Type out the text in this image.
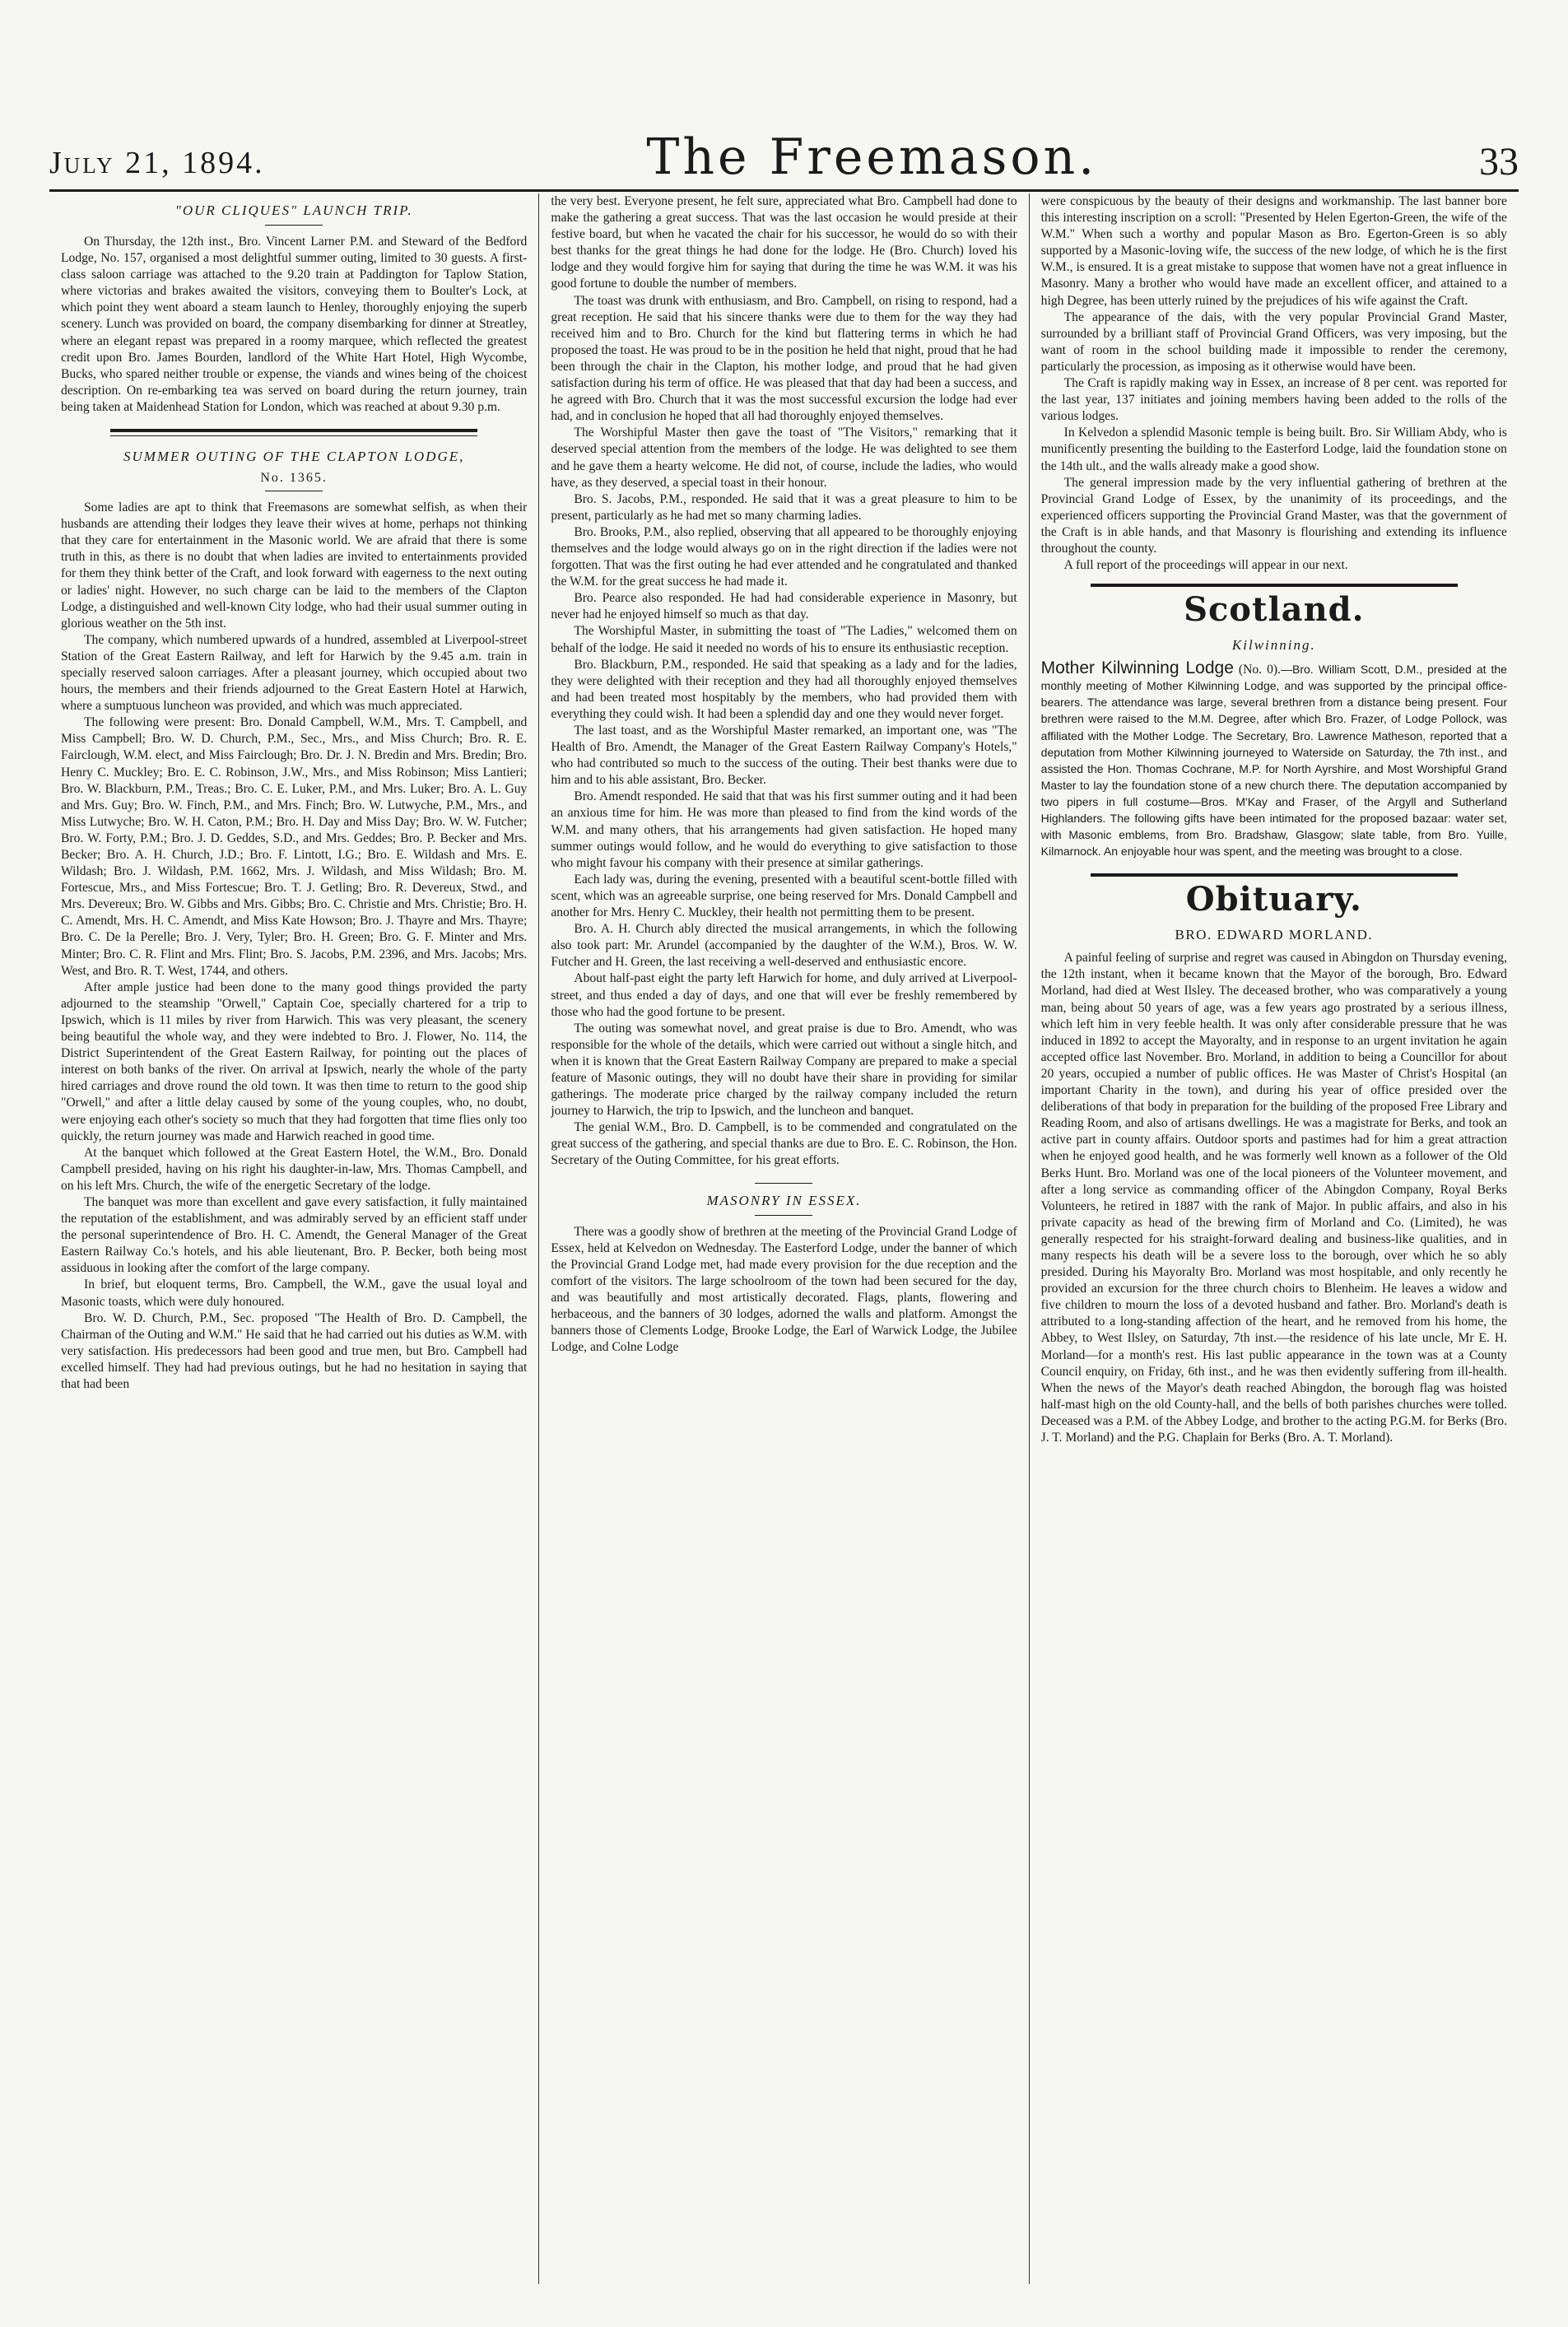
July 21, 1894.	The Freemason.	33
"OUR CLIQUES" LAUNCH TRIP.

On Thursday, the 12th inst., Bro. Vincent Larner P.M. and Steward of the Bedford Lodge, No. 157, organised a most delightful summer outing, limited to 30 guests. A first-class saloon carriage was attached to the 9.20 train at Paddington for Taplow Station, where victorias and brakes awaited the visitors, conveying them to Boulter's Lock, at which point they went aboard a steam launch to Henley, thoroughly enjoying the superb scenery. Lunch was provided on board, the company disembarking for dinner at Streatley, where an elegant repast was prepared in a roomy marquee, which reflected the greatest credit upon Bro. James Bourden, landlord of the White Hart Hotel, High Wycombe, Bucks, who spared neither trouble or expense, the viands and wines being of the choicest description. On re-embarking tea was served on board during the return journey, train being taken at Maidenhead Station for London, which was reached at about 9.30 p.m.

SUMMER OUTING OF THE CLAPTON LODGE,
No. 1365.

Some ladies are apt to think that Freemasons are somewhat selfish, as when their husbands are attending their lodges they leave their wives at home, perhaps not thinking that they care for entertainment in the Masonic world. We are afraid that there is some truth in this, as there is no doubt that when ladies are invited to entertainments provided for them they think better of the Craft, and look forward with eagerness to the next outing or ladies' night. However, no such charge can be laid to the members of the Clapton Lodge, a distinguished and well-known City lodge, who had their usual summer outing in glorious weather on the 5th inst.

The company, which numbered upwards of a hundred, assembled at Liverpool-street Station of the Great Eastern Railway, and left for Harwich by the 9.45 a.m. train in specially reserved saloon carriages. After a pleasant journey, which occupied about two hours, the members and their friends adjourned to the Great Eastern Hotel at Harwich, where a sumptuous luncheon was provided, and which was much appreciated.

The following were present: Bro. Donald Campbell, W.M., Mrs. T. Campbell, and Miss Campbell; Bro. W. D. Church, P.M., Sec., Mrs., and Miss Church; Bro. R. E. Fairclough, W.M. elect, and Miss Fairclough; Bro. Dr. J. N. Bredin and Mrs. Bredin; Bro. Henry C. Muckley; Bro. E. C. Robinson, J.W., Mrs., and Miss Robinson; Miss Lantieri; Bro. W. Blackburn, P.M., Treas.; Bro. C. E. Luker, P.M., and Mrs. Luker; Bro. A. L. Guy and Mrs. Guy; Bro. W. Finch, P.M., and Mrs. Finch; Bro. W. Lutwyche, P.M., Mrs., and Miss Lutwyche; Bro. W. H. Caton, P.M.; Bro. H. Day and Miss Day; Bro. W. W. Futcher; Bro. W. Forty, P.M.; Bro. J. D. Geddes, S.D., and Mrs. Geddes; Bro. P. Becker and Mrs. Becker; Bro. A. H. Church, J.D.; Bro. F. Lintott, I.G.; Bro. E. Wildash and Mrs. E. Wildash; Bro. J. Wildash, P.M. 1662, Mrs. J. Wildash, and Miss Wildash; Bro. M. Fortescue, Mrs., and Miss Fortescue; Bro. T. J. Getling; Bro. R. Devereux, Stwd., and Mrs. Devereux; Bro. W. Gibbs and Mrs. Gibbs; Bro. C. Christie and Mrs. Christie; Bro. H. C. Amendt, Mrs. H. C. Amendt, and Miss Kate Howson; Bro. J. Thayre and Mrs. Thayre; Bro. C. De la Perelle; Bro. J. Very, Tyler; Bro. H. Green; Bro. G. F. Minter and Mrs. Minter; Bro. C. R. Flint and Mrs. Flint; Bro. S. Jacobs, P.M. 2396, and Mrs. Jacobs; Mrs. West, and Bro. R. T. West, 1744, and others.

After ample justice had been done to the many good things provided the party adjourned to the steamship "Orwell," Captain Coe, specially chartered for a trip to Ipswich, which is 11 miles by river from Harwich. This was very pleasant, the scenery being beautiful the whole way, and they were indebted to Bro. J. Flower, No. 114, the District Superintendent of the Great Eastern Railway, for pointing out the places of interest on both banks of the river. On arrival at Ipswich, nearly the whole of the party hired carriages and drove round the old town. It was then time to return to the good ship "Orwell," and after a little delay caused by some of the young couples, who, no doubt, were enjoying each other's society so much that they had forgotten that time flies only too quickly, the return journey was made and Harwich reached in good time.

At the banquet which followed at the Great Eastern Hotel, the W.M., Bro. Donald Campbell presided, having on his right his daughter-in-law, Mrs. Thomas Campbell, and on his left Mrs. Church, the wife of the energetic Secretary of the lodge.

The banquet was more than excellent and gave every satisfaction, it fully maintained the reputation of the establishment, and was admirably served by an efficient staff under the personal superintendence of Bro. H. C. Amendt, the General Manager of the Great Eastern Railway Co.'s hotels, and his able lieutenant, Bro. P. Becker, both being most assiduous in looking after the comfort of the large company.

In brief, but eloquent terms, Bro. Campbell, the W.M., gave the usual loyal and Masonic toasts, which were duly honoured.

Bro. W. D. Church, P.M., Sec. proposed "The Health of Bro. D. Campbell, the Chairman of the Outing and W.M." He said that he had carried out his duties as W.M. with very satisfaction. His predecessors had been good and true men, but Bro. Campbell had excelled himself. They had had previous outings, but he had no hesitation in saying that that had been

the very best. Everyone present, he felt sure, appreciated what Bro. Campbell had done to make the gathering a great success. That was the last occasion he would preside at their festive board, but when he vacated the chair for his successor, he would do so with their best thanks for the great things he had done for the lodge. He (Bro. Church) loved his lodge and they would forgive him for saying that during the time he was W.M. it was his good fortune to double the number of members.

The toast was drunk with enthusiasm, and Bro. Campbell, on rising to respond, had a great reception. He said that his sincere thanks were due to them for the way they had received him and to Bro. Church for the kind but flattering terms in which he had proposed the toast. He was proud to be in the position he held that night, proud that he had been through the chair in the Clapton, his mother lodge, and proud that he had given satisfaction during his term of office. He was pleased that that day had been a success, and he agreed with Bro. Church that it was the most successful excursion the lodge had ever had, and in conclusion he hoped that all had thoroughly enjoyed themselves.

The Worshipful Master then gave the toast of "The Visitors," remarking that it deserved special attention from the members of the lodge. He was delighted to see them and he gave them a hearty welcome. He did not, of course, include the ladies, who would have, as they deserved, a special toast in their honour.

Bro. S. Jacobs, P.M., responded. He said that it was a great pleasure to him to be present, particularly as he had met so many charming ladies.

Bro. Brooks, P.M., also replied, observing that all appeared to be thoroughly enjoying themselves and the lodge would always go on in the right direction if the ladies were not forgotten. That was the first outing he had ever attended and he congratulated and thanked the W.M. for the great success he had made it.

Bro. Pearce also responded. He had had considerable experience in Masonry, but never had he enjoyed himself so much as that day.

The Worshipful Master, in submitting the toast of "The Ladies," welcomed them on behalf of the lodge. He said it needed no words of his to ensure its enthusiastic reception.

Bro. Blackburn, P.M., responded. He said that speaking as a lady and for the ladies, they were delighted with their reception and they had all thoroughly enjoyed themselves and had been treated most hospitably by the members, who had provided them with everything they could wish. It had been a splendid day and one they would never forget.

The last toast, and as the Worshipful Master remarked, an important one, was "The Health of Bro. Amendt, the Manager of the Great Eastern Railway Company's Hotels," who had contributed so much to the success of the outing. Their best thanks were due to him and to his able assistant, Bro. Becker.

Bro. Amendt responded. He said that that was his first summer outing and it had been an anxious time for him. He was more than pleased to find from the kind words of the W.M. and many others, that his arrangements had given satisfaction. He hoped many summer outings would follow, and he would do everything to give satisfaction to those who might favour his company with their presence at similar gatherings.

Each lady was, during the evening, presented with a beautiful scent-bottle filled with scent, which was an agreeable surprise, one being reserved for Mrs. Donald Campbell and another for Mrs. Henry C. Muckley, their health not permitting them to be present.

Bro. A. H. Church ably directed the musical arrangements, in which the following also took part: Mr. Arundel (accompanied by the daughter of the W.M.), Bros. W. W. Futcher and H. Green, the last receiving a well-deserved and enthusiastic encore.

About half-past eight the party left Harwich for home, and duly arrived at Liverpool-street, and thus ended a day of days, and one that will ever be freshly remembered by those who had the good fortune to be present.

The outing was somewhat novel, and great praise is due to Bro. Amendt, who was responsible for the whole of the details, which were carried out without a single hitch, and when it is known that the Great Eastern Railway Company are prepared to make a special feature of Masonic outings, they will no doubt have their share in providing for similar gatherings. The moderate price charged by the railway company included the return journey to Harwich, the trip to Ipswich, and the luncheon and banquet.

The genial W.M., Bro. D. Campbell, is to be commended and congratulated on the great success of the gathering, and special thanks are due to Bro. E. C. Robinson, the Hon. Secretary of the Outing Committee, for his great efforts.

MASONRY IN ESSEX.

There was a goodly show of brethren at the meeting of the Provincial Grand Lodge of Essex, held at Kelvedon on Wednesday. The Easterford Lodge, under the banner of which the Provincial Grand Lodge met, had made every provision for the due reception and the comfort of the visitors. The large schoolroom of the town had been secured for the day, and was beautifully and most artistically decorated. Flags, plants, flowering and herbaceous, and the banners of 30 lodges, adorned the walls and platform. Amongst the banners those of Clements Lodge, Brooke Lodge, the Earl of Warwick Lodge, the Jubilee Lodge, and Colne Lodge

were conspicuous by the beauty of their designs and workmanship. The last banner bore this interesting inscription on a scroll: "Presented by Helen Egerton-Green, the wife of the W.M." When such a worthy and popular Mason as Bro. Egerton-Green is so ably supported by a Masonic-loving wife, the success of the new lodge, of which he is the first W.M., is ensured. It is a great mistake to suppose that women have not a great influence in Masonry. Many a brother who would have made an excellent officer, and attained to a high Degree, has been utterly ruined by the prejudices of his wife against the Craft.

The appearance of the dais, with the very popular Provincial Grand Master, surrounded by a brilliant staff of Provincial Grand Officers, was very imposing, but the want of room in the school building made it impossible to render the ceremony, particularly the procession, as imposing as it otherwise would have been.

The Craft is rapidly making way in Essex, an increase of 8 per cent. was reported for the last year, 137 initiates and joining members having been added to the rolls of the various lodges.

In Kelvedon a splendid Masonic temple is being built. Bro. Sir William Abdy, who is munificently presenting the building to the Easterford Lodge, laid the foundation stone on the 14th ult., and the walls already make a good show.

The general impression made by the very influential gathering of brethren at the Provincial Grand Lodge of Essex, by the unanimity of its proceedings, and the experienced officers supporting the Provincial Grand Master, was that the government of the Craft is in able hands, and that Masonry is flourishing and extending its influence throughout the county.

A full report of the proceedings will appear in our next.

Scotland.
Kilwinning.

Mother Kilwinning Lodge (No. 0).—Bro. William Scott, D.M., presided at the monthly meeting of Mother Kilwinning Lodge, and was supported by the principal office-bearers. The attendance was large, several brethren from a distance being present. Four brethren were raised to the M.M. Degree, after which Bro. Frazer, of Lodge Pollock, was affiliated with the Mother Lodge. The Secretary, Bro. Lawrence Matheson, reported that a deputation from Mother Kilwinning journeyed to Waterside on Saturday, the 7th inst., and assisted the Hon. Thomas Cochrane, M.P. for North Ayrshire, and Most Worshipful Grand Master to lay the foundation stone of a new church there. The deputation accompanied by two pipers in full costume—Bros. M'Kay and Fraser, of the Argyll and Sutherland Highlanders. The following gifts have been intimated for the proposed bazaar: water set, with Masonic emblems, from Bro. Bradshaw, Glasgow; slate table, from Bro. Yuille, Kilmarnock. An enjoyable hour was spent, and the meeting was brought to a close.

Obituary.
BRO. EDWARD MORLAND.

A painful feeling of surprise and regret was caused in Abingdon on Thursday evening, the 12th instant, when it became known that the Mayor of the borough, Bro. Edward Morland, had died at West Ilsley. The deceased brother, who was comparatively a young man, being about 50 years of age, was a few years ago prostrated by a serious illness, which left him in very feeble health. It was only after considerable pressure that he was induced in 1892 to accept the Mayoralty, and in response to an urgent invitation he again accepted office last November. Bro. Morland, in addition to being a Councillor for about 20 years, occupied a number of public offices. He was Master of Christ's Hospital (an important Charity in the town), and during his year of office presided over the deliberations of that body in preparation for the building of the proposed Free Library and Reading Room, and also of artisans dwellings. He was a magistrate for Berks, and took an active part in county affairs. Outdoor sports and pastimes had for him a great attraction when he enjoyed good health, and he was formerly well known as a follower of the Old Berks Hunt. Bro. Morland was one of the local pioneers of the Volunteer movement, and after a long service as commanding officer of the Abingdon Company, Royal Berks Volunteers, he retired in 1887 with the rank of Major. In public affairs, and also in his private capacity as head of the brewing firm of Morland and Co. (Limited), he was generally respected for his straight-forward dealing and business-like qualities, and in many respects his death will be a severe loss to the borough, over which he so ably presided. During his Mayoralty Bro. Morland was most hospitable, and only recently he provided an excursion for the three church choirs to Blenheim. He leaves a widow and five children to mourn the loss of a devoted husband and father. Bro. Morland's death is attributed to a long-standing affection of the heart, and he removed from his home, the Abbey, to West Ilsley, on Saturday, 7th inst.—the residence of his late uncle, Mr E. H. Morland—for a month's rest. His last public appearance in the town was at a County Council enquiry, on Friday, 6th inst., and he was then evidently suffering from ill-health. When the news of the Mayor's death reached Abingdon, the borough flag was hoisted half-mast high on the old County-hall, and the bells of both parishes churches were tolled. Deceased was a P.M. of the Abbey Lodge, and brother to the acting P.G.M. for Berks (Bro. J. T. Morland) and the P.G. Chaplain for Berks (Bro. A. T. Morland).
